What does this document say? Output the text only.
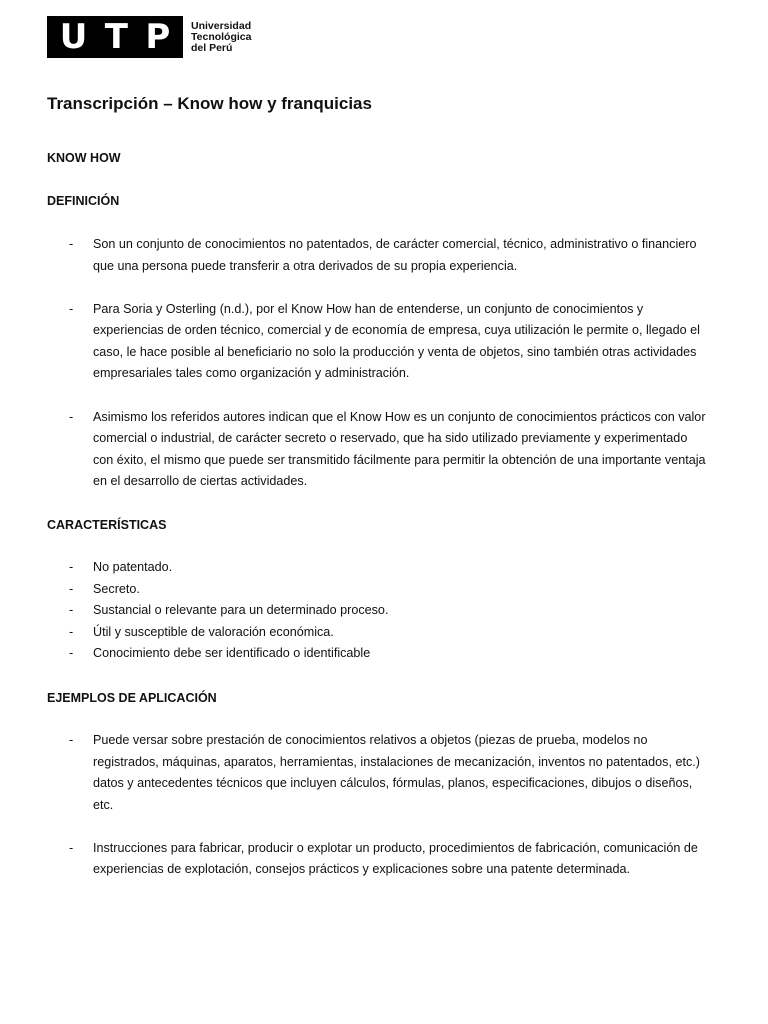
U T P Universidad
Tecnológica
del Perú
Transcripción – Know how y franquicias
KNOW HOW
DEFINICIÓN
- Son un conjunto de conocimientos no patentados, de carácter comercial, técnico, administrativo o financiero que una persona puede transferir a otra derivados de su propia experiencia.
- Para Soria y Osterling (n.d.), por el Know How han de entenderse, un conjunto de conocimientos y experiencias de orden técnico, comercial y de economía de empresa, cuya utilización le permite o, llegado el caso, le hace posible al beneficiario no solo la producción y venta de objetos, sino también otras actividades empresariales tales como organización y administración.
- Asimismo los referidos autores indican que el Know How es un conjunto de conocimientos prácticos con valor comercial o industrial, de carácter secreto o reservado, que ha sido utilizado previamente y experimentado con éxito, el mismo que puede ser transmitido fácilmente para permitir la obtención de una importante ventaja en el desarrollo de ciertas actividades.
CARACTERÍSTICAS
- No patentado.
- Secreto.
- Sustancial o relevante para un determinado proceso.
- Útil y susceptible de valoración económica.
- Conocimiento debe ser identificado o identificable
EJEMPLOS DE APLICACIÓN
- Puede versar sobre prestación de conocimientos relativos a objetos (piezas de prueba, modelos no registrados, máquinas, aparatos, herramientas, instalaciones de mecanización, inventos no patentados, etc.) datos y antecedentes técnicos que incluyen cálculos, fórmulas, planos, especificaciones, dibujos o diseños, etc.
- Instrucciones para fabricar, producir o explotar un producto, procedimientos de fabricación, comunicación de experiencias de explotación, consejos prácticos y explicaciones sobre una patente determinada.
